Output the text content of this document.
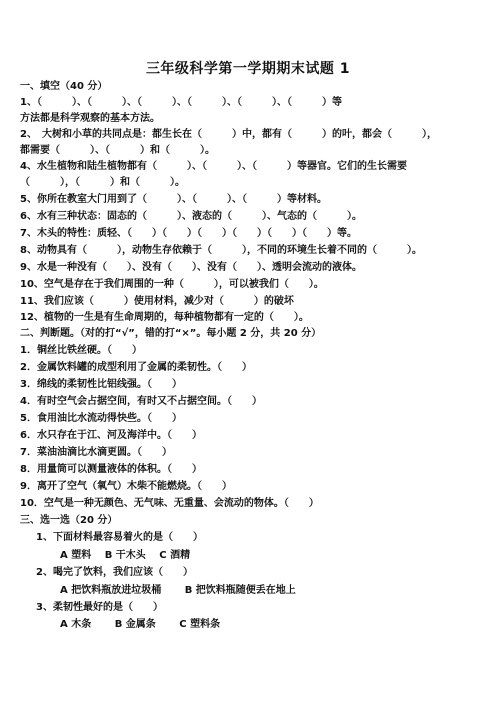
三年级科学第一学期期末试题 1
一、填空（40 分）
1、（　　　）、（　　　）、（　　　）、（　　　）、（　　　）、（　　　）等
方法都是科学观察的基本方法。
2、　大树和小草的共同点是：都生长在（　　　）中，都有（　　　）的叶，都会（　　　），
都需要（　　　）、（　　　）和（　　　）。
4、水生植物和陆生植物都有（　　　）、（　　　）、（　　　）等器官。它们的生长需要
（　　　），（　　　）和（　　　）。
5、你所在教室大门用到了（　　　）、（　　　）、（　　　）等材料。
6、水有三种状态：固态的（　　　）、液态的（　　　）、气态的（　　　）。
7、木头的特性：质轻、（　　）（　　）（　　）（　　）（　　）（　　）等。
8、动物具有（　　　），动物生存依赖于（　　　），不同的环境生长着不同的（　　　）。
9、水是一种没有（　　）、没有（　　）、没有（　　）、透明会流动的液体。
10、空气是存在于我们周围的一种（　　　），可以被我们（　　）。
11、我们应该（　　　）使用材料，减少对（　　　）的破坏
12、植物的一生是有生命周期的，每种植物都有一定的（　　）。
二、判断题。（对的打“√”，错的打“×”。每小题 2 分，共 20 分）
1．铜丝比铁丝硬。（　　）
2．金属饮料罐的成型利用了金属的柔韧性。（　　）
3．绵线的柔韧性比铝线强。（　　）
4．有时空气会占据空间，有时又不占据空间。（　　）
5．食用油比水流动得快些。（　　）
6．水只存在于江、河及海洋中。（　　）
7．菜油油滴比水滴更圆。（　　）
8．用量筒可以测量液体的体积。（　　）
9．离开了空气（氧气）木柴不能燃烧。（　　）
10．空气是一种无颜色、无气味、无重量、会流动的物体。（　　）
三、选一选（20 分）
1、下面材料最容易着火的是（　　）
A 塑料　 B 干木头　 C 酒精
2、喝完了饮料，我们应该（　　）
A 把饮料瓶放进垃圾桶　　 B 把饮料瓶随便丢在地上
3、柔韧性最好的是（　　）
A 木条　　 B 金属条　　 C 塑料条
